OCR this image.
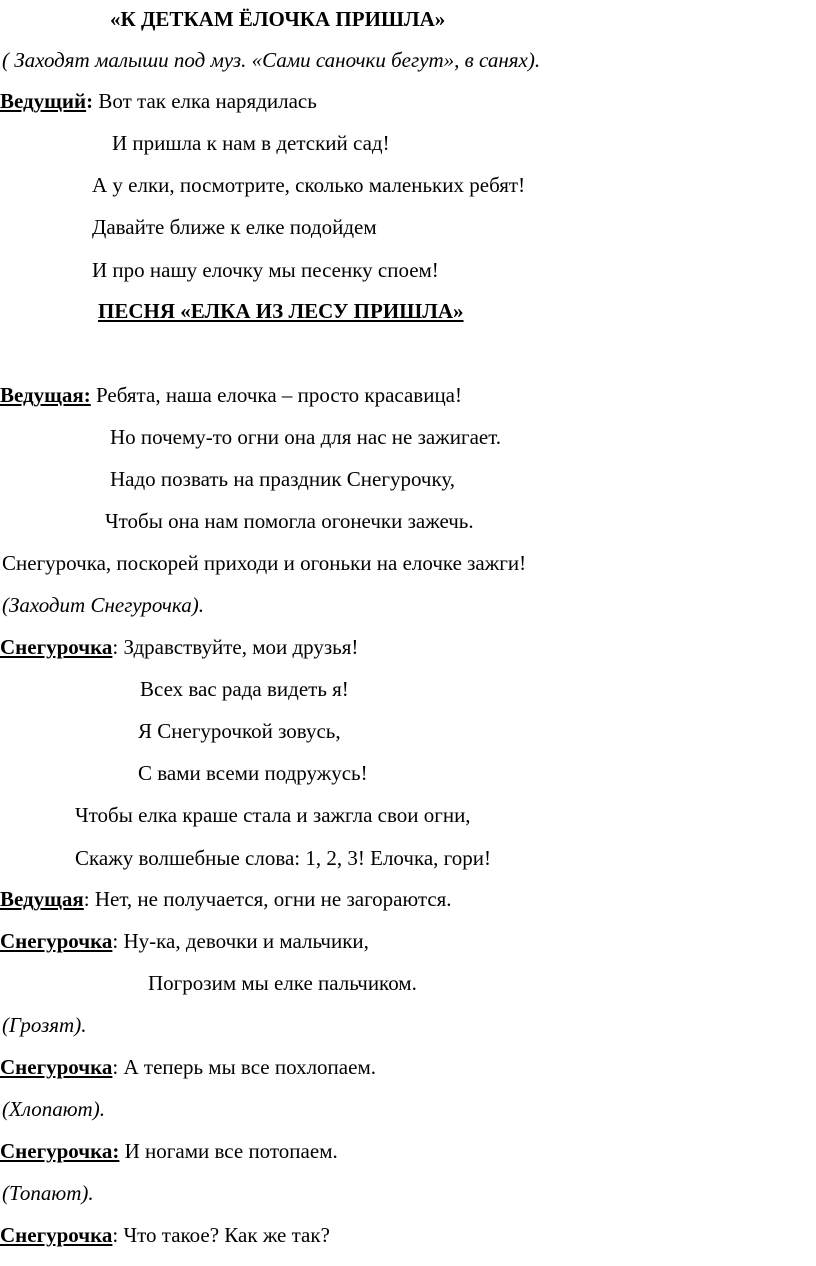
«К ДЕТКАМ ЁЛОЧКА ПРИШЛА»
( Заходят малыши под муз. «Сами саночки бегут», в санях).
Ведущий: Вот так елка нарядилась
И пришла к нам в детский сад!
А у елки, посмотрите, сколько маленьких ребят!
Давайте ближе к елке подойдем
И про нашу елочку мы песенку споем!
ПЕСНЯ «ЕЛКА ИЗ ЛЕСУ ПРИШЛА»
Ведущая: Ребята, наша елочка – просто красавица!
Но почему-то огни она для нас не зажигает.
Надо позвать на праздник Снегурочку,
Чтобы она нам помогла огонечки зажечь.
Снегурочка, поскорей приходи и огоньки на елочке зажги!
(Заходит Снегурочка).
Снегурочка: Здравствуйте, мои друзья!
Всех вас рада видеть я!
Я Снегурочкой зовусь,
С вами всеми подружусь!
Чтобы елка краше стала и зажгла свои огни,
Скажу волшебные слова: 1, 2, 3! Елочка, гори!
Ведущая: Нет, не получается, огни не загораются.
Снегурочка: Ну-ка, девочки и мальчики,
Погрозим мы елке пальчиком.
(Грозят).
Снегурочка: А теперь мы все похлопаем.
(Хлопают).
Снегурочка: И ногами все потопаем.
(Топают).
Снегурочка: Что такое? Как же так?
